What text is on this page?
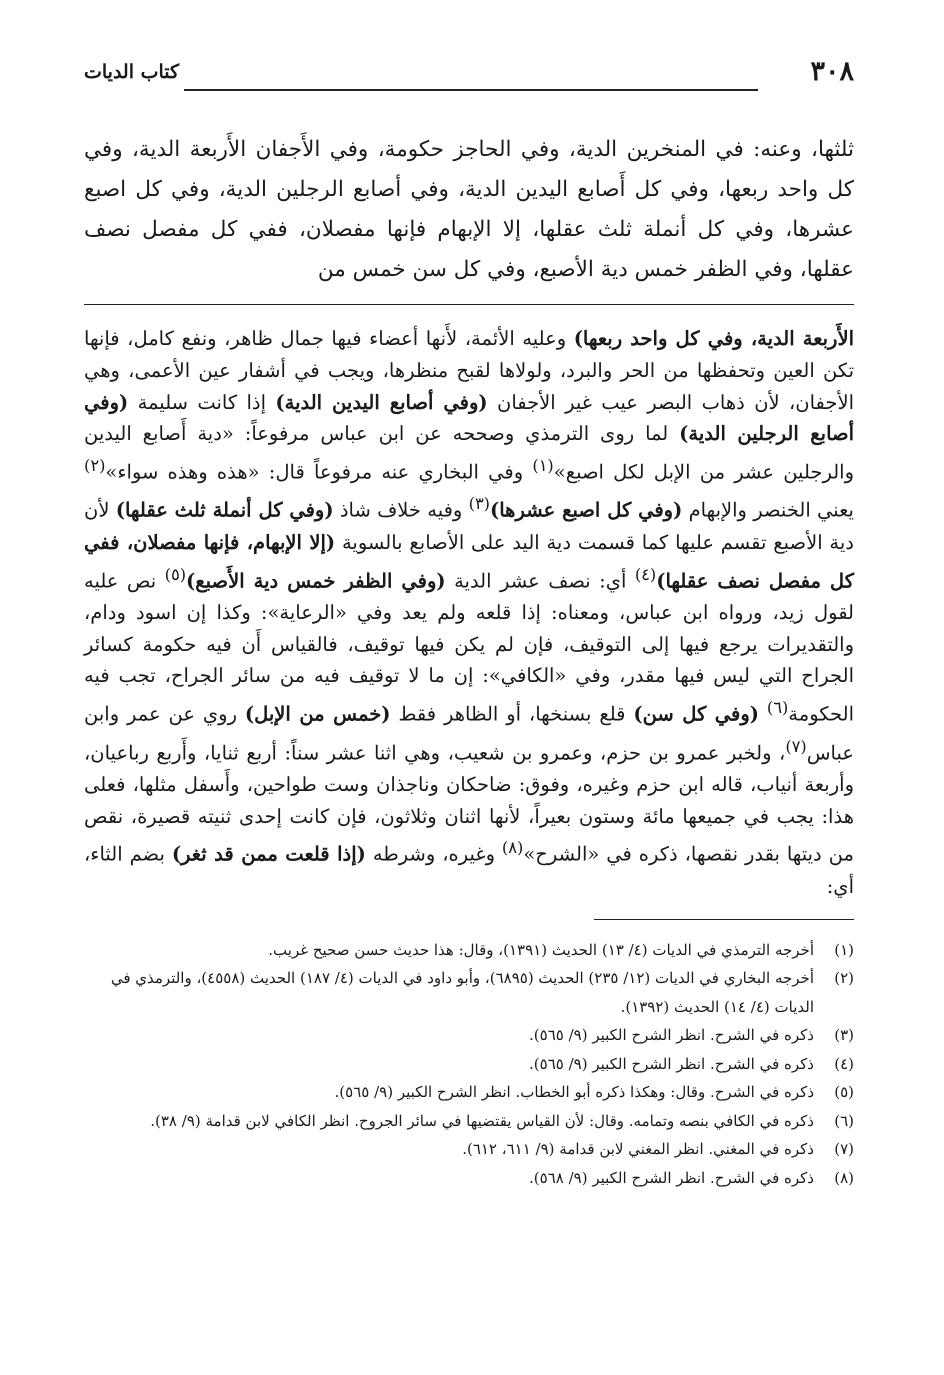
٣٠٨
كتاب الديات

ثلثها، وعنه: في المنخرين الدية، وفي الحاجز حكومة، وفي الأَجفان الأَربعة الدية، وفي كل واحد ربعها، وفي كل أَصابع اليدين الدية، وفي أصابع الرجلين الدية، وفي كل اصبع عشرها، وفي كل أنملة ثلث عقلها، إلا الإبهام فإنها مفصلان، ففي كل مفصل نصف عقلها، وفي الظفر خمس دية الأصبع، وفي كل سن خمس من

الأَربعة الدية، وفي كل واحد ربعها) وعليه الأئمة، لأَنها أعضاء فيها جمال ظاهر، ونفع كامل، فإنها تكن العين وتحفظها من الحر والبرد، ولولاها لقبح منظرها، ويجب في أشفار عين الأعمى، وهي الأجفان، لأن ذهاب البصر عيب غير الأجفان (وفي أصابع اليدين الدية) إذا كانت سليمة (وفي أصابع الرجلين الدية) لما روى الترمذي وصححه عن ابن عباس مرفوعاً: «دية أَصابع اليدين والرجلين عشر من الإبل لكل اصبع»$^{(١)}$ وفي البخاري عنه مرفوعاً قال: «هذه وهذه سواء»$^{(٢)}$ يعني الخنصر والإبهام (وفي كل اصبع عشرها)$^{(٣)}$ وفيه خلاف شاذ (وفي كل أنملة ثلث عقلها) لأن دية الأصبع تقسم عليها كما قسمت دية اليد على الأصابع بالسوية (إلا الإبهام، فإنها مفصلان، ففي كل مفصل نصف عقلها)$^{(٤)}$ أي: نصف عشر الدية (وفي الظفر خمس دية الأَصبع)$^{(٥)}$ نص عليه لقول زيد، ورواه ابن عباس، ومعناه: إذا قلعه ولم يعد وفي «الرعاية»: وكذا إن اسود ودام، والتقديرات يرجع فيها إلى التوقيف، فإن لم يكن فيها توقيف، فالقياس أَن فيه حكومة كسائر الجراح التي ليس فيها مقدر، وفي «الكافي»: إن ما لا توقيف فيه من سائر الجراح، تجب فيه الحكومة$^{(٦)}$ (وفي كل سن) قلع بسنخها، أو الظاهر فقط (خمس من الإبل) روي عن عمر وابن عباس$^{(٧)}$، ولخبر عمرو بن حزم، وعمرو بن شعيب، وهي اثنا عشر سناً: أربع ثنايا، وأَربع رباعيان، وأربعة أنياب، قاله ابن حزم وغيره، وفوق: ضاحكان وناجذان وست طواحين، وأَسفل مثلها، فعلى هذا: يجب في جميعها مائة وستون بعيراً، لأنها اثنان وثلاثون، فإن كانت إحدى ثنيته قصيرة، نقص من ديتها بقدر نقصها، ذكره في «الشرح»$^{(٨)}$ وغيره، وشرطه (إذا قلعت ممن قد ثغر) بضم الثاء، أي:

(١)
أخرجه الترمذي في الديات (٤/ ١٣) الحديث (١٣٩١)، وقال: هذا حديث حسن صحيح غريب.
(٢)
أخرجه البخاري في الديات (١٢/ ٢٣٥) الحديث (٦٨٩٥)، وأبو داود في الديات (٤/ ١٨٧) الحديث (٤٥٥٨)، والترمذي في الديات (٤/ ١٤) الحديث (١٣٩٢).
(٣)
ذكره في الشرح. انظر الشرح الكبير (٩/ ٥٦٥).
(٤)
ذكره في الشرح. انظر الشرح الكبير (٩/ ٥٦٥).
(٥)
ذكره في الشرح. وقال: وهكذا ذكره أبو الخطاب. انظر الشرح الكبير (٩/ ٥٦٥).
(٦)
ذكره في الكافي بنصه وتمامه. وقال: لأن القياس يقتضيها في سائر الجروح. انظر الكافي لابن قدامة (٩/ ٣٨).
(٧)
ذكره في المغني. انظر المغني لابن قدامة (٩/ ٦١١، ٦١٢).
(٨)
ذكره في الشرح. انظر الشرح الكبير (٩/ ٥٦٨).
